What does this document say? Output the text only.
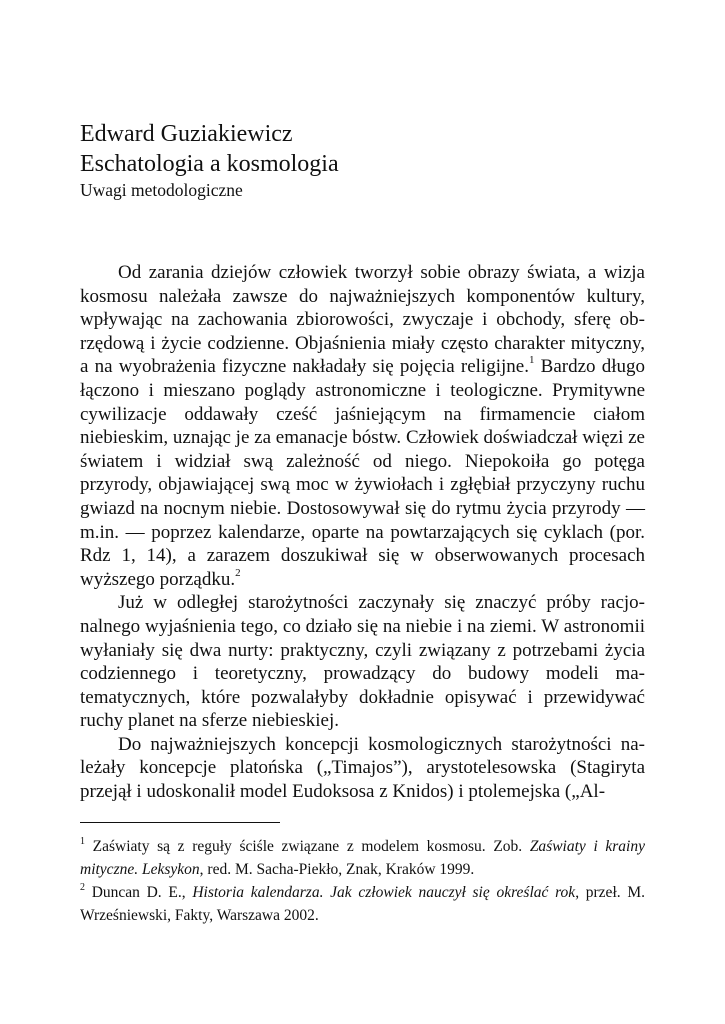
Edward Guziakiewicz
Eschatologia a kosmologia
Uwagi metodologiczne

Od zarania dziejów człowiek tworzył sobie obrazy świata, a wizja kosmosu należała zawsze do najważniejszych komponentów kultury, wpływając na zachowania zbiorowości, zwyczaje i obchody, sferę obrzędową i życie codzienne. Objaśnienia miały często charakter mityczny, a na wyobrażenia fizyczne nakładały się pojęcia religijne.$^1$ Bardzo długo łączono i mieszano poglądy astronomiczne i teologiczne. Prymitywne cywilizacje oddawały cześć jaśniejącym na firmamencie ciałom niebieskim, uznając je za emanacje bóstw. Człowiek doświadczał więzi ze światem i widział swą zależność od niego. Niepokoiła go potęga przyrody, objawiającej swą moc w żywiołach i zgłębiał przyczyny ruchu gwiazd na nocnym niebie. Dostosowywał się do rytmu życia przyrody — m.in. — poprzez kalendarze, oparte na powtarzających się cyklach (por. Rdz 1, 14), a zarazem doszukiwał się w obserwowanych procesach wyższego porządku.$^2$

Już w odległej starożytności zaczynały się znaczyć próby racjonalnego wyjaśnienia tego, co działo się na niebie i na ziemi. W astronomii wyłaniały się dwa nurty: praktyczny, czyli związany z potrzebami życia codziennego i teoretyczny, prowadzący do budowy modeli matematycznych, które pozwalałyby dokładnie opisywać i przewidywać ruchy planet na sferze niebieskiej.

Do najważniejszych koncepcji kosmologicznych starożytności należały koncepcje platońska („Timajos”), arystotelesowska (Stagiryta przejął i udoskonalił model Eudoksosa z Knidos) i ptolemejska („Al-

$^1$ Zaświaty są z reguły ściśle związane z modelem kosmosu. Zob. Zaświaty i krainy mityczne. Leksykon, red. M. Sacha-Piekło, Znak, Kraków 1999.

$^2$ Duncan D. E., Historia kalendarza. Jak człowiek nauczył się określać rok, przeł. M. Wrześniewski, Fakty, Warszawa 2002.
